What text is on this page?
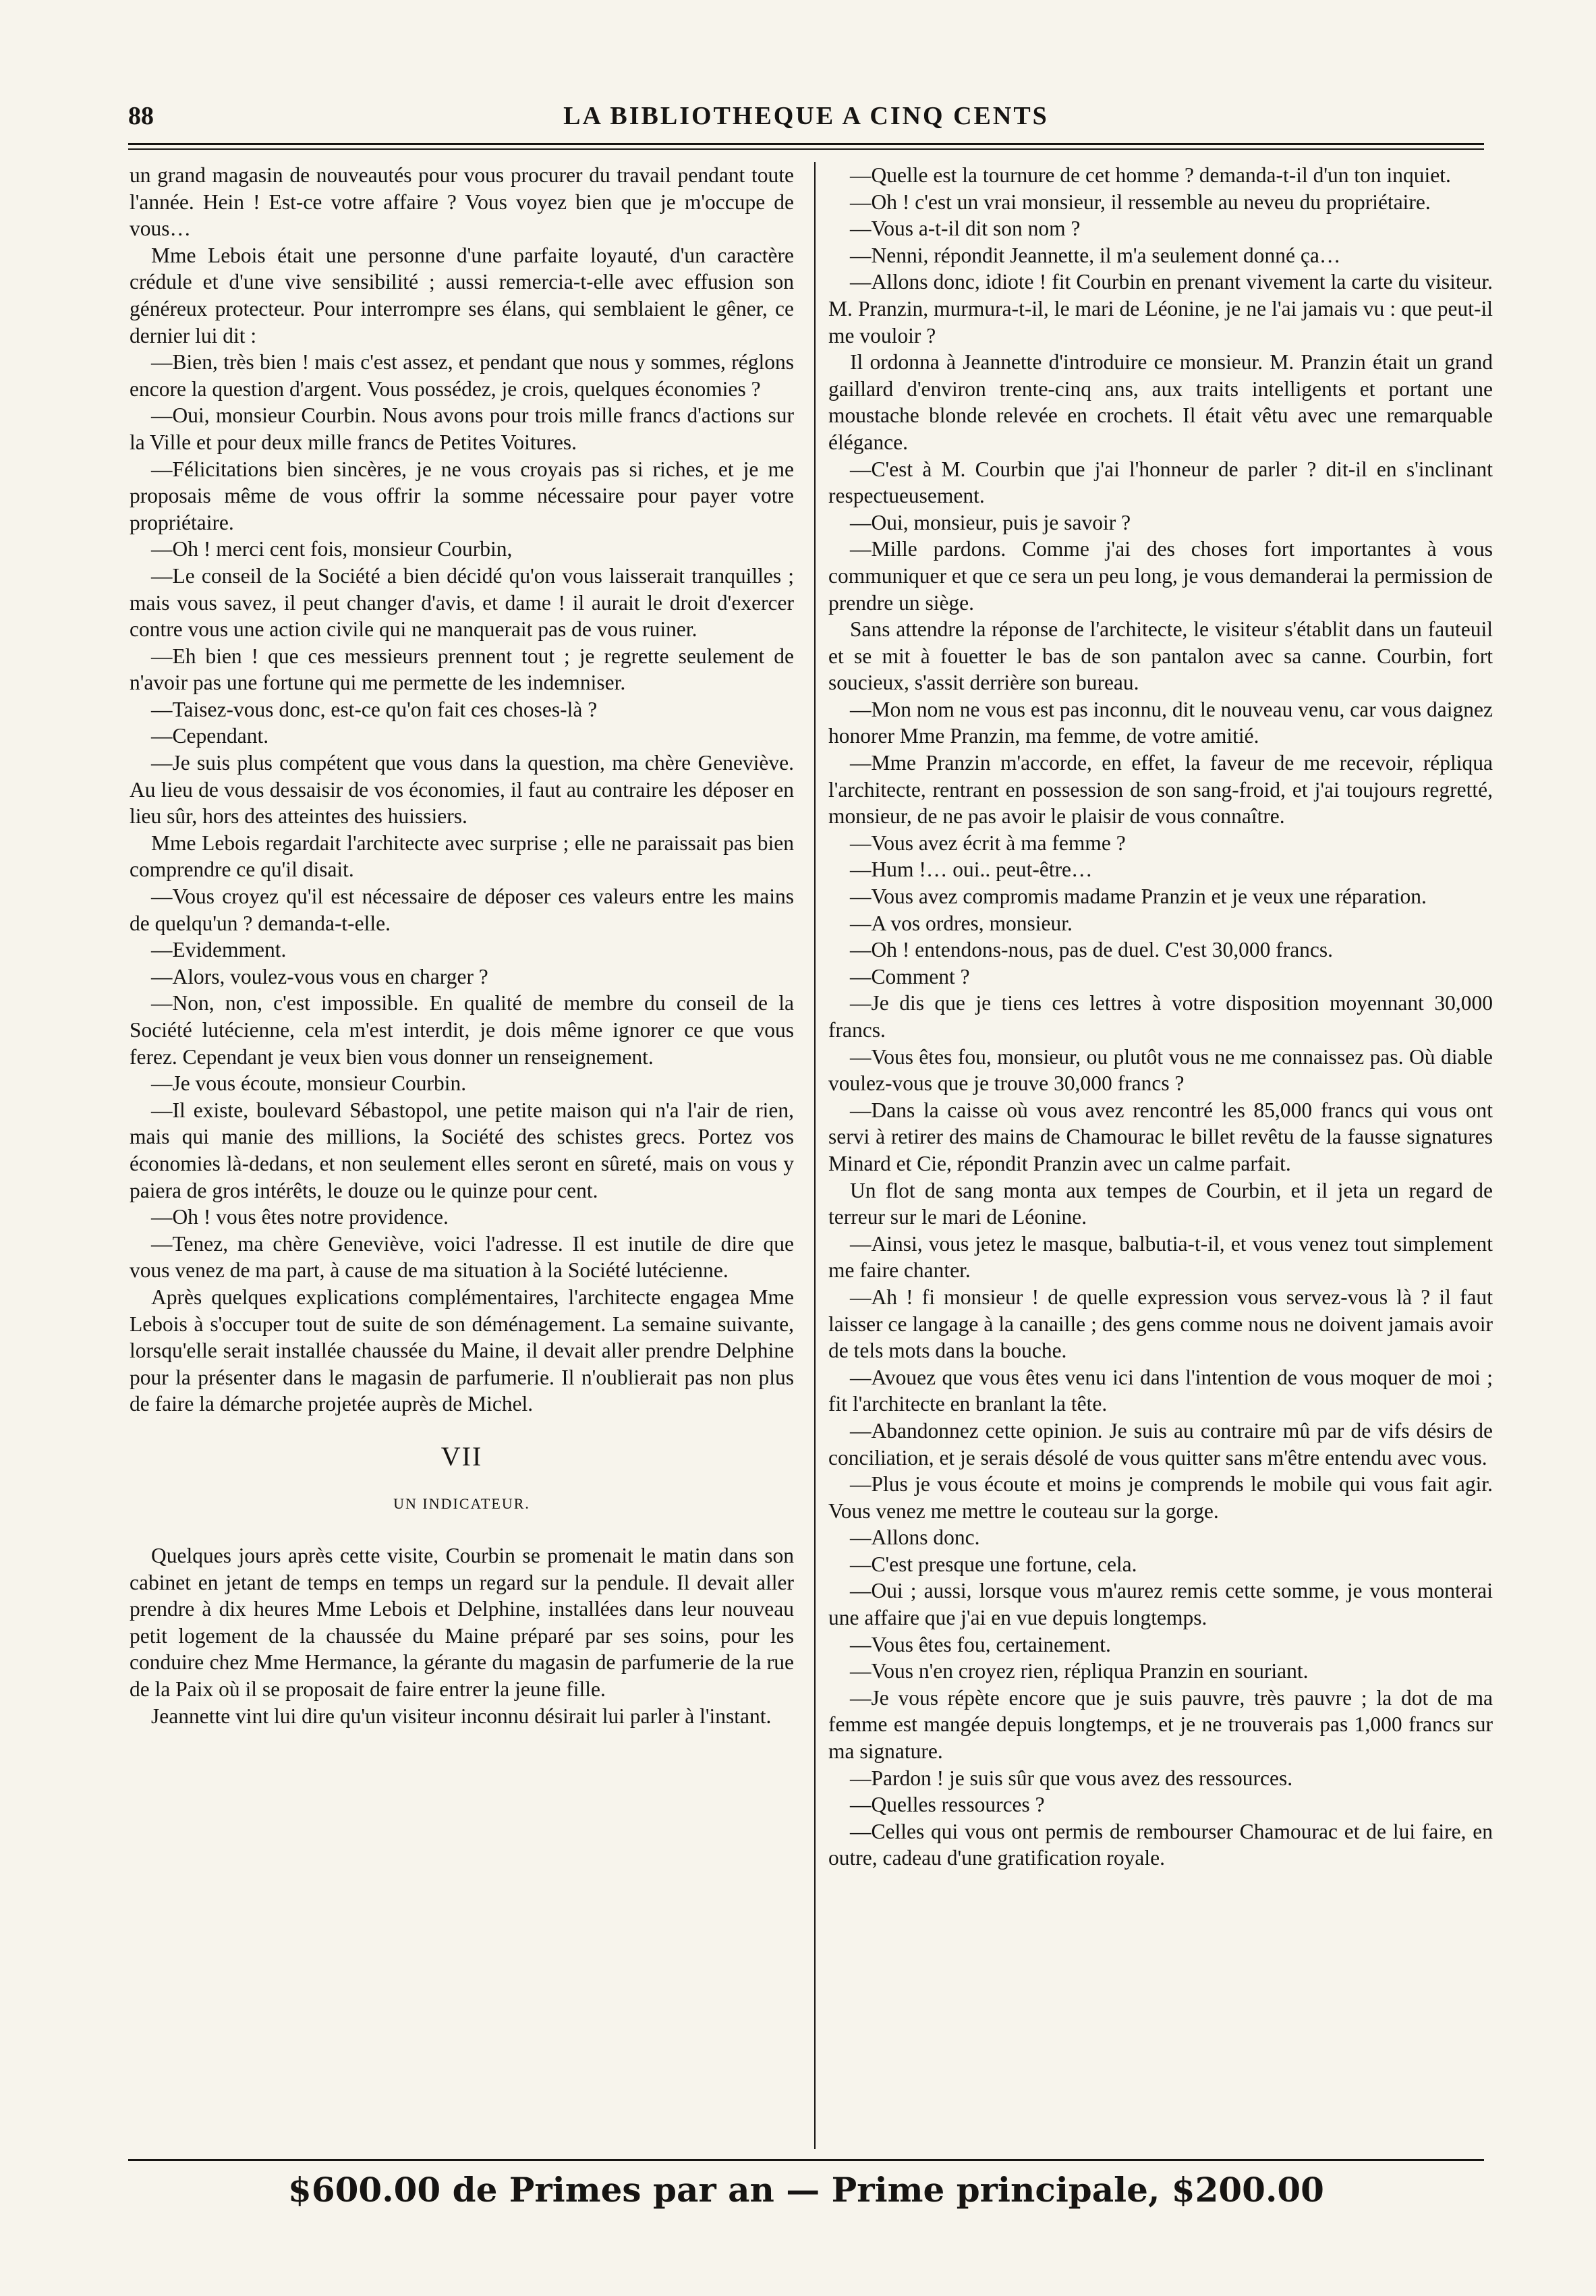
88	LA BIBLIOTHEQUE A CINQ CENTS

un grand magasin de nouveautés pour vous procurer du travail pendant toute l'année. Hein ! Est-ce votre affaire ? Vous voyez bien que je m'occupe de vous…

Mme Lebois était une personne d'une parfaite loyauté, d'un caractère crédule et d'une vive sensibilité ; aussi remercia-t-elle avec effusion son généreux protecteur. Pour interrompre ses élans, qui semblaient le gêner, ce dernier lui dit :

—Bien, très bien ! mais c'est assez, et pendant que nous y sommes, réglons encore la question d'argent. Vous possédez, je crois, quelques économies ?

—Oui, monsieur Courbin. Nous avons pour trois mille francs d'actions sur la Ville et pour deux mille francs de Petites Voitures.

—Félicitations bien sincères, je ne vous croyais pas si riches, et je me proposais même de vous offrir la somme nécessaire pour payer votre propriétaire.

—Oh ! merci cent fois, monsieur Courbin,

—Le conseil de la Société a bien décidé qu'on vous laisserait tranquilles ; mais vous savez, il peut changer d'avis, et dame ! il aurait le droit d'exercer contre vous une action civile qui ne manquerait pas de vous ruiner.

—Eh bien ! que ces messieurs prennent tout ; je regrette seulement de n'avoir pas une fortune qui me permette de les indemniser.

—Taisez-vous donc, est-ce qu'on fait ces choses-là ?

—Cependant.

—Je suis plus compétent que vous dans la question, ma chère Geneviève. Au lieu de vous dessaisir de vos économies, il faut au contraire les déposer en lieu sûr, hors des atteintes des huissiers.

Mme Lebois regardait l'architecte avec surprise ; elle ne paraissait pas bien comprendre ce qu'il disait.

—Vous croyez qu'il est nécessaire de déposer ces valeurs entre les mains de quelqu'un ? demanda-t-elle.

—Evidemment.

—Alors, voulez-vous vous en charger ?

—Non, non, c'est impossible. En qualité de membre du conseil de la Société lutécienne, cela m'est interdit, je dois même ignorer ce que vous ferez. Cependant je veux bien vous donner un renseignement.

—Je vous écoute, monsieur Courbin.

—Il existe, boulevard Sébastopol, une petite maison qui n'a l'air de rien, mais qui manie des millions, la Société des schistes grecs. Portez vos économies là-dedans, et non seulement elles seront en sûreté, mais on vous y paiera de gros intérêts, le douze ou le quinze pour cent.

—Oh ! vous êtes notre providence.

—Tenez, ma chère Geneviève, voici l'adresse. Il est inutile de dire que vous venez de ma part, à cause de ma situation à la Société lutécienne.

Après quelques explications complémentaires, l'architecte engagea Mme Lebois à s'occuper tout de suite de son déménagement. La semaine suivante, lorsqu'elle serait installée chaussée du Maine, il devait aller prendre Delphine pour la présenter dans le magasin de parfumerie. Il n'oublierait pas non plus de faire la démarche projetée auprès de Michel.

VII
UN INDICATEUR.

Quelques jours après cette visite, Courbin se promenait le matin dans son cabinet en jetant de temps en temps un regard sur la pendule. Il devait aller prendre à dix heures Mme Lebois et Delphine, installées dans leur nouveau petit logement de la chaussée du Maine préparé par ses soins, pour les conduire chez Mme Hermance, la gérante du magasin de parfumerie de la rue de la Paix où il se proposait de faire entrer la jeune fille.

Jeannette vint lui dire qu'un visiteur inconnu désirait lui parler à l'instant.

—Quelle est la tournure de cet homme ? demanda-t-il d'un ton inquiet.

—Oh ! c'est un vrai monsieur, il ressemble au neveu du propriétaire.

—Vous a-t-il dit son nom ?

—Nenni, répondit Jeannette, il m'a seulement donné ça…

—Allons donc, idiote ! fit Courbin en prenant vivement la carte du visiteur. M. Pranzin, murmura-t-il, le mari de Léonine, je ne l'ai jamais vu : que peut-il me vouloir ?

Il ordonna à Jeannette d'introduire ce monsieur. M. Pranzin était un grand gaillard d'environ trente-cinq ans, aux traits intelligents et portant une moustache blonde relevée en crochets. Il était vêtu avec une remarquable élégance.

—C'est à M. Courbin que j'ai l'honneur de parler ? dit-il en s'inclinant respectueusement.

—Oui, monsieur, puis je savoir ?

—Mille pardons. Comme j'ai des choses fort importantes à vous communiquer et que ce sera un peu long, je vous demanderai la permission de prendre un siège.

Sans attendre la réponse de l'architecte, le visiteur s'établit dans un fauteuil et se mit à fouetter le bas de son pantalon avec sa canne. Courbin, fort soucieux, s'assit derrière son bureau.

—Mon nom ne vous est pas inconnu, dit le nouveau venu, car vous daignez honorer Mme Pranzin, ma femme, de votre amitié.

—Mme Pranzin m'accorde, en effet, la faveur de me recevoir, répliqua l'architecte, rentrant en possession de son sang-froid, et j'ai toujours regretté, monsieur, de ne pas avoir le plaisir de vous connaître.

—Vous avez écrit à ma femme ?

—Hum !… oui.. peut-être…

—Vous avez compromis madame Pranzin et je veux une réparation.

—A vos ordres, monsieur.

—Oh ! entendons-nous, pas de duel. C'est 30,000 francs.

—Comment ?

—Je dis que je tiens ces lettres à votre disposition moyennant 30,000 francs.

—Vous êtes fou, monsieur, ou plutôt vous ne me connaissez pas. Où diable voulez-vous que je trouve 30,000 francs ?

—Dans la caisse où vous avez rencontré les 85,000 francs qui vous ont servi à retirer des mains de Chamourac le billet revêtu de la fausse signatures Minard et Cie, répondit Pranzin avec un calme parfait.

Un flot de sang monta aux tempes de Courbin, et il jeta un regard de terreur sur le mari de Léonine.

—Ainsi, vous jetez le masque, balbutia-t-il, et vous venez tout simplement me faire chanter.

—Ah ! fi monsieur ! de quelle expression vous servez-vous là ? il faut laisser ce langage à la canaille ; des gens comme nous ne doivent jamais avoir de tels mots dans la bouche.

—Avouez que vous êtes venu ici dans l'intention de vous moquer de moi ; fit l'architecte en branlant la tête.

—Abandonnez cette opinion. Je suis au contraire mû par de vifs désirs de conciliation, et je serais désolé de vous quitter sans m'être entendu avec vous.

—Plus je vous écoute et moins je comprends le mobile qui vous fait agir. Vous venez me mettre le couteau sur la gorge.

—Allons donc.

—C'est presque une fortune, cela.

—Oui ; aussi, lorsque vous m'aurez remis cette somme, je vous monterai une affaire que j'ai en vue depuis longtemps.

—Vous êtes fou, certainement.

—Vous n'en croyez rien, répliqua Pranzin en souriant.

—Je vous répète encore que je suis pauvre, très pauvre ; la dot de ma femme est mangée depuis longtemps, et je ne trouverais pas 1,000 francs sur ma signature.

—Pardon ! je suis sûr que vous avez des ressources.

—Quelles ressources ?

—Celles qui vous ont permis de rembourser Chamourac et de lui faire, en outre, cadeau d'une gratification royale.

$600.00 de Primes par an — Prime principale, $200.00
